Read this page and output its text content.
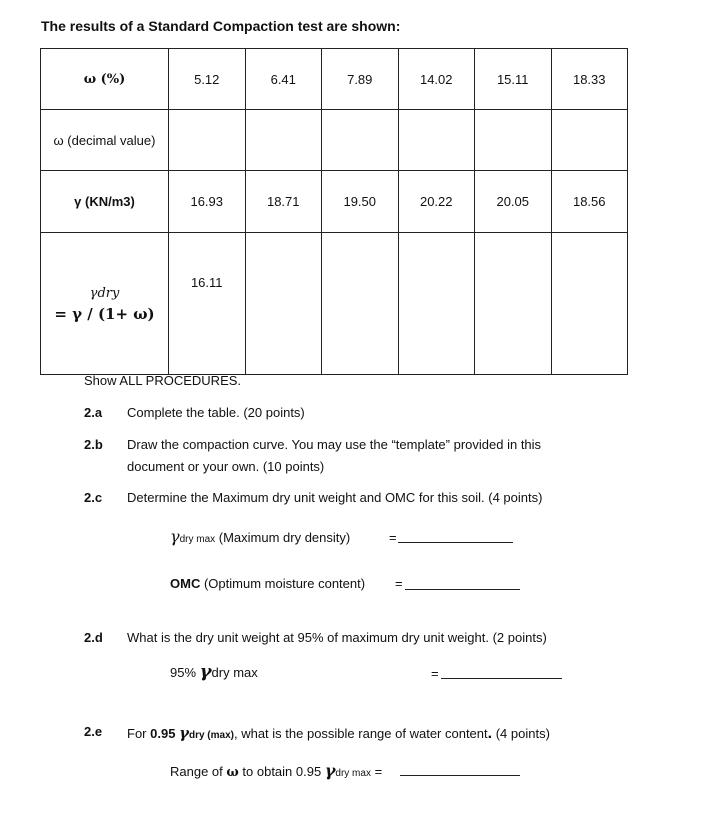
The results of a Standard Compaction test are shown:
ω (%)	5.12	6.41	7.89	14.02	15.11	18.33
ω (decimal value)						
γ (KN/m3)	16.93	18.71	19.50	20.22	20.05	18.56

γdry
= γ / (1+ ω)	16.11					
Show ALL PROCEDURES.
2.a Complete the table. (20 points)
2.b Draw the compaction curve. You may use the “template” provided in this
document or your own. (10 points)
2.c Determine the Maximum dry unit weight and OMC for this soil. (4 points)
γdry max (Maximum dry density)	=
OMC (Optimum moisture content) =
2.d What is the dry unit weight at 95% of maximum dry unit weight. (2 points)
95% γdry max	=
2.e For 0.95 γdry (max), what is the possible range of water content. (4 points)
Range of ω to obtain 0.95 γdry max =
